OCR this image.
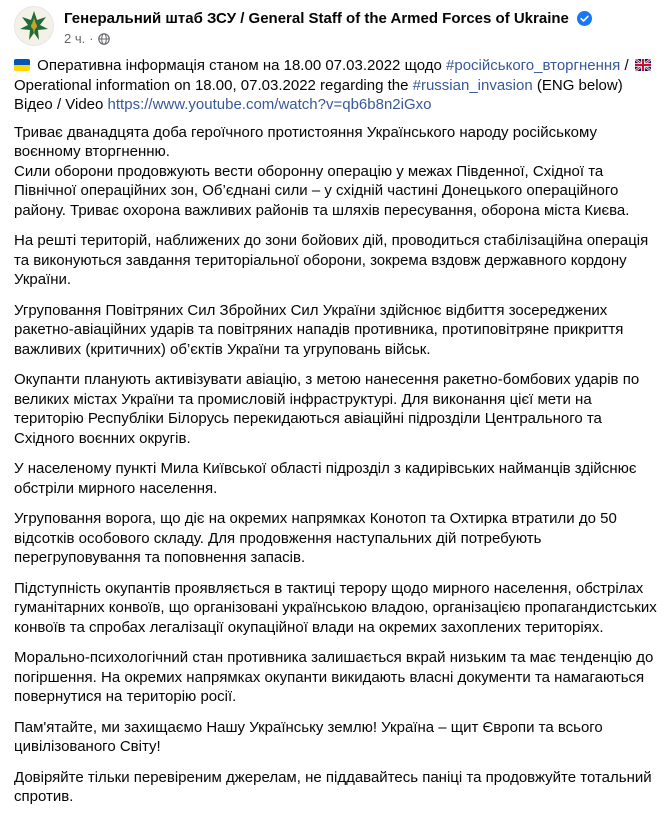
Генеральний штаб ЗСУ / General Staff of the Armed Forces of Ukraine
2 ч. ·

Оперативна інформація станом на 18.00 07.03.2022 щодо #російського_вторгнення /  Operational information on 18.00, 07.03.2022 regarding the #russian_invasion (ENG below) Відео / Video https://www.youtube.com/watch?v=qb6b8n2iGxo

Триває дванадцята доба героїчного протистояння Українського народу російському воєнному вторгненню.
Сили оборони продовжують вести оборонну операцію у межах Південної, Східної та Північної операційних зон, Об’єднані сили – у східній частині Донецького операційного району. Триває охорона важливих районів та шляхів пересування, оборона міста Києва.

На решті територій, наближених до зони бойових дій, проводиться стабілізаційна операція та виконуються завдання територіальної оборони, зокрема вздовж державного кордону України.

Угруповання Повітряних Сил Збройних Сил України здійснює відбиття зосереджених ракетно-авіаційних ударів та повітряних нападів противника, протиповітряне прикриття важливих (критичних) об’єктів України та угруповань військ.

Окупанти планують активізувати авіацію, з метою нанесення ракетно-бомбових ударів по великих містах України та промисловій інфраструктурі. Для виконання цієї мети на територію Республіки Білорусь перекидаються авіаційні підрозділи Центрального та Східного воєнних округів.

У населеному пункті Мила Київської області підрозділ з кадирівських найманців здійснює обстріли мирного населення.

Угруповання ворога, що діє на окремих напрямках Конотоп та Охтирка втратили до 50 відсотків особового складу. Для продовження наступальних дій потребують перегруповування та поповнення запасів.

Підступність окупантів проявляється в тактиці терору щодо мирного населення, обстрілах гуманітарних конвоїв, що організовані українською владою, організацією пропагандистських конвоїв та спробах легалізації окупаційної влади на окремих захоплених територіях.

Морально-психологічний стан противника залишається вкрай низьким та має тенденцію до погіршення. На окремих напрямках окупанти викидають власні документи та намагаються повернутися на територію росії.

Пам'ятайте, ми захищаємо Нашу Українську землю! Україна – щит Європи та всього цивілізованого Світу!

Довіряйте тільки перевіреним джерелам, не піддавайтесь паніці та продовжуйте тотальний спротив.
